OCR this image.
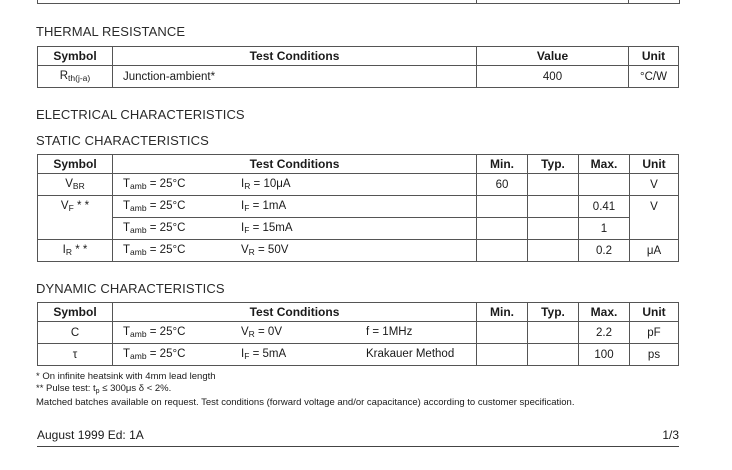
THERMAL RESISTANCE
Symbol	Test Conditions	Value	Unit
$R_{th(j-a)}$	Junction-ambient*	400	°C/W
ELECTRICAL CHARACTERISTICS
STATIC CHARACTERISTICS
Symbol	Test Conditions	Min.	Typ.	Max.	Unit
$V_{BR}$	$T_{amb} = 25^\circ C$ $I_R = 10\mu A$	60			V
$V_F$ * *	$T_{amb} = 25^\circ C$ $I_F = 1mA$			0.41	V
	$T_{amb} = 25^\circ C$ $I_F = 15mA$			1	
$I_R$ * *	$T_{amb} = 25^\circ C$ $V_R = 50V$			0.2	μA
DYNAMIC CHARACTERISTICS
Symbol	Test Conditions	Min.	Typ.	Max.	Unit
C	$T_{amb} = 25^\circ C$ $V_R = 0V$ f = 1MHz			2.2	pF
τ	$T_{amb} = 25^\circ C$ $I_F = 5mA$ Krakauer Method			100	ps
* On infinite heatsink with 4mm lead length
** Pulse test: $t_p \le 300\mu s$ δ < 2%.
Matched batches available on request. Test conditions (forward voltage and/or capacitance) according to customer specification.
August 1999 Ed: 1A	1/3
